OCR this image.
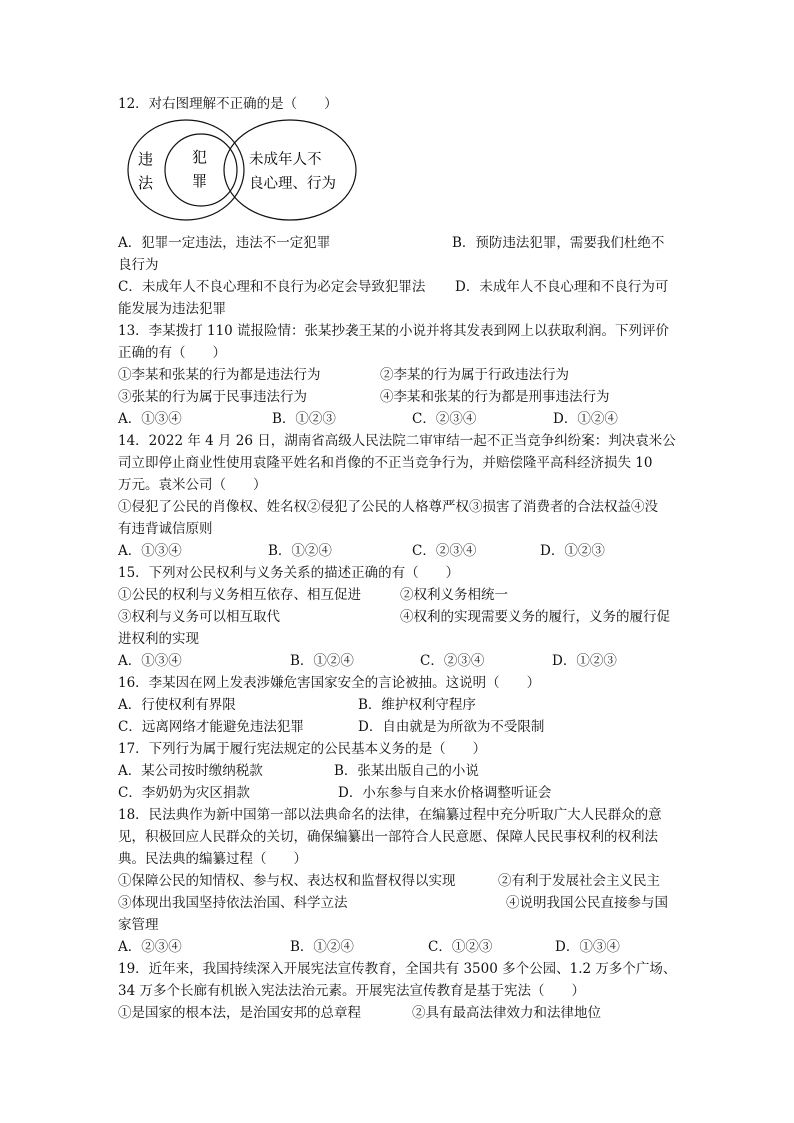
12．对右图理解不正确的是（　　）
违
法
犯
罪
未成年人不
良心理、行为
A．犯罪一定违法，违法不一定犯罪	B．预防违法犯罪，需要我们杜绝不
良行为
C．未成年人不良心理和不良行为必定会导致犯罪法 D．未成年人不良心理和不良行为可
能发展为违法犯罪
13．李某拨打 110 谎报险情：张某抄袭王某的小说并将其发表到网上以获取利润。下列评价
正确的有（　　）
①李某和张某的行为都是违法行为	②李某的行为属于行政违法行为
③张某的行为属于民事违法行为	④李某和张某的行为都是刑事违法行为
A．①③④	B．①②③	C．②③④	D．①②④
14．2022 年 4 月 26 日，湖南省高级人民法院二审审结一起不正当竞争纠纷案：判决袁米公
司立即停止商业性使用袁隆平姓名和肖像的不正当竞争行为，并赔偿隆平高科经济损失 10
万元。袁米公司（　　）
①侵犯了公民的肖像权、姓名权②侵犯了公民的人格尊严权③损害了消费者的合法权益④没
有违背诚信原则
A．①③④	B．①②④	C．②③④	D．①②③
15．下列对公民权利与义务关系的描述正确的有（　　）
①公民的权利与义务相互依存、相互促进	②权利义务相统一
③权利与义务可以相互取代	④权利的实现需要义务的履行，义务的履行促
进权利的实现
A．①③④	B．①②④	C．②③④	D．①②③
16．李某因在网上发表涉嫌危害国家安全的言论被抽。这说明（　　）
A．行使权利有界限	B．维护权利守程序
C．远离网络才能避免违法犯罪	D．自由就是为所欲为不受限制
17．下列行为属于履行宪法规定的公民基本义务的是（　　）
A．某公司按时缴纳税款	B．张某出版自己的小说
C．李奶奶为灾区捐款	D．小东参与自来水价格调整听证会
18．民法典作为新中国第一部以法典命名的法律，在编纂过程中充分听取广大人民群众的意
见，积极回应人民群众的关切，确保编纂出一部符合人民意愿、保障人民民事权利的权利法
典。民法典的编纂过程（　　）
①保障公民的知情权、参与权、表达权和监督权得以实现	②有利于发展社会主义民主
③体现出我国坚持依法治国、科学立法	④说明我国公民直接参与国
家管理
A．②③④	B．①②④	C．①②③	D．①③④
19．近年来，我国持续深入开展宪法宣传教育，全国共有 3500 多个公园、1.2 万多个广场、
34 万多个长廊有机嵌入宪法法治元素。开展宪法宣传教育是基于宪法（　　）
①是国家的根本法，是治国安邦的总章程	②具有最高法律效力和法律地位
